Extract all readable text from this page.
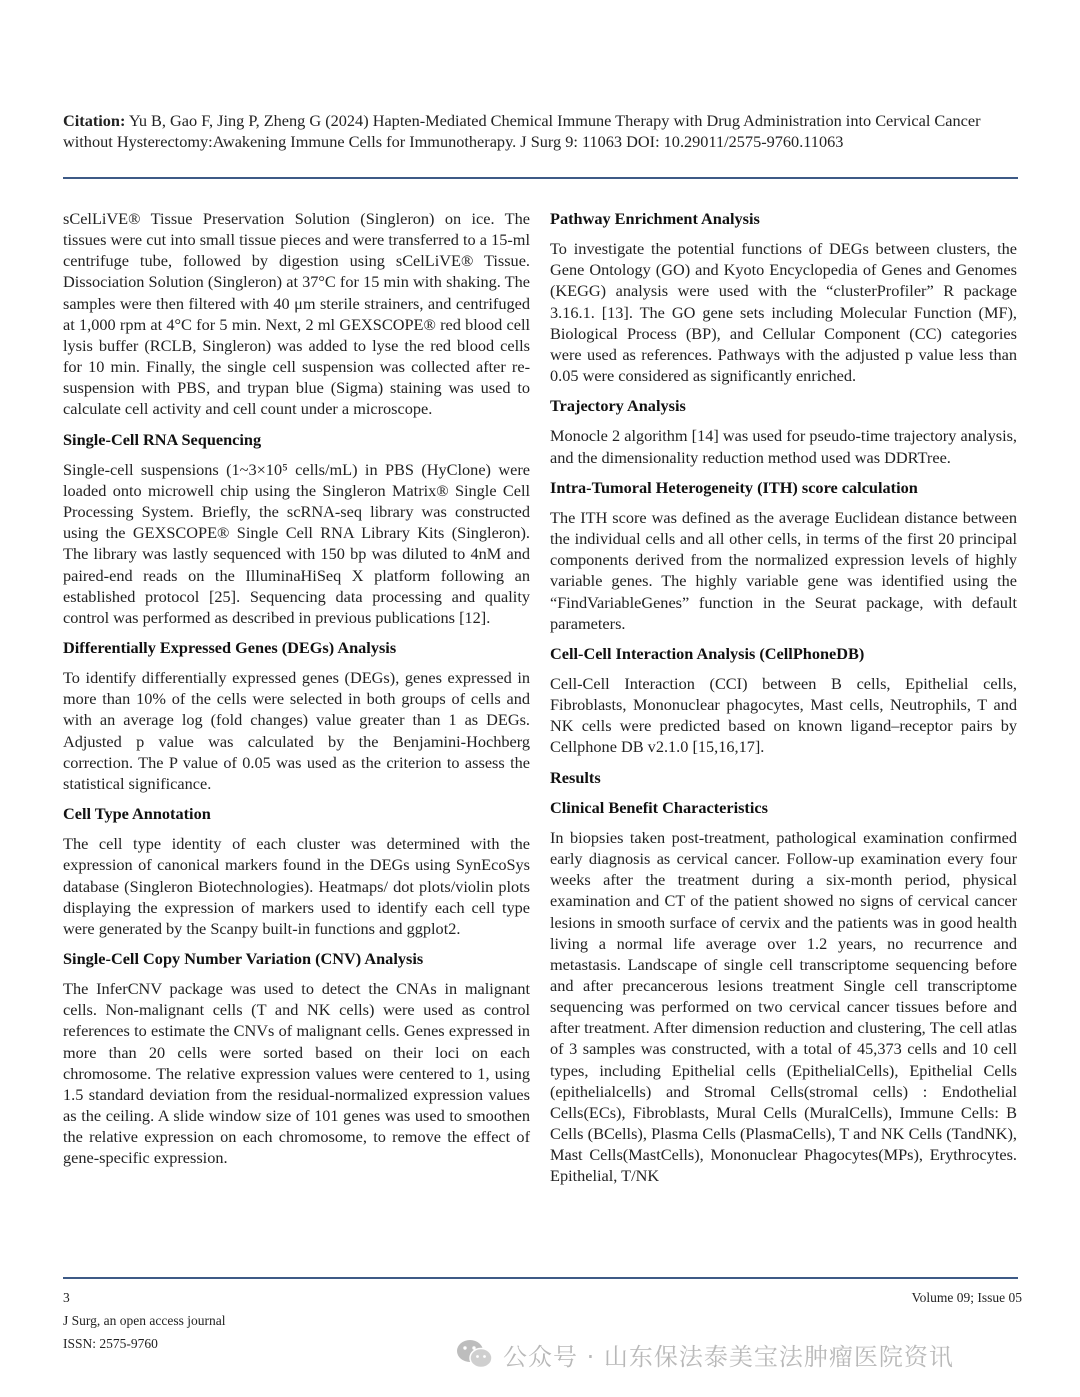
Citation: Yu B, Gao F, Jing P, Zheng G (2024) Hapten-Mediated Chemical Immune Therapy with Drug Administration into Cervical Cancer without Hysterectomy:Awakening Immune Cells for Immunotherapy. J Surg 9: 11063 DOI: 10.29011/2575-9760.11063

sCelLiVE® Tissue Preservation Solution (Singleron) on ice. The tissues were cut into small tissue pieces and were transferred to a 15-ml centrifuge tube, followed by digestion using sCelLiVE® Tissue. Dissociation Solution (Singleron) at 37°C for 15 min with shaking. The samples were then filtered with 40 μm sterile strainers, and centrifuged at 1,000 rpm at 4°C for 5 min. Next, 2 ml GEXSCOPE® red blood cell lysis buffer (RCLB, Singleron) was added to lyse the red blood cells for 10 min. Finally, the single cell suspension was collected after re-suspension with PBS, and trypan blue (Sigma) staining was used to calculate cell activity and cell count under a microscope.

Single-Cell RNA Sequencing

Single-cell suspensions (1~3×10⁵ cells/mL) in PBS (HyClone) were loaded onto microwell chip using the Singleron Matrix® Single Cell Processing System. Briefly, the scRNA-seq library was constructed using the GEXSCOPE® Single Cell RNA Library Kits (Singleron). The library was lastly sequenced with 150 bp was diluted to 4nM and paired-end reads on the IlluminaHiSeq X platform following an established protocol [25]. Sequencing data processing and quality control was performed as described in previous publications [12].

Differentially Expressed Genes (DEGs) Analysis

To identify differentially expressed genes (DEGs), genes expressed in more than 10% of the cells were selected in both groups of cells and with an average log (fold changes) value greater than 1 as DEGs. Adjusted p value was calculated by the Benjamini-Hochberg correction. The P value of 0.05 was used as the criterion to assess the statistical significance.

Cell Type Annotation

The cell type identity of each cluster was determined with the expression of canonical markers found in the DEGs using SynEcoSys database (Singleron Biotechnologies). Heatmaps/ dot plots/violin plots displaying the expression of markers used to identify each cell type were generated by the Scanpy built-in functions and ggplot2.

Single-Cell Copy Number Variation (CNV) Analysis

The InferCNV package was used to detect the CNAs in malignant cells. Non-malignant cells (T and NK cells) were used as control references to estimate the CNVs of malignant cells. Genes expressed in more than 20 cells were sorted based on their loci on each chromosome. The relative expression values were centered to 1, using 1.5 standard deviation from the residual-normalized expression values as the ceiling. A slide window size of 101 genes was used to smoothen the relative expression on each chromosome, to remove the effect of gene-specific expression.

Pathway Enrichment Analysis

To investigate the potential functions of DEGs between clusters, the Gene Ontology (GO) and Kyoto Encyclopedia of Genes and Genomes (KEGG) analysis were used with the “clusterProfiler” R package 3.16.1. [13]. The GO gene sets including Molecular Function (MF), Biological Process (BP), and Cellular Component (CC) categories were used as references. Pathways with the adjusted p value less than 0.05 were considered as significantly enriched.

Trajectory Analysis

Monocle 2 algorithm [14] was used for pseudo-time trajectory analysis, and the dimensionality reduction method used was DDRTree.

Intra-Tumoral Heterogeneity (ITH) score calculation

The ITH score was defined as the average Euclidean distance between the individual cells and all other cells, in terms of the first 20 principal components derived from the normalized expression levels of highly variable genes. The highly variable gene was identified using the “FindVariableGenes” function in the Seurat package, with default parameters.

Cell-Cell Interaction Analysis (CellPhoneDB)

Cell-Cell Interaction (CCI) between B cells, Epithelial cells, Fibroblasts, Mononuclear phagocytes, Mast cells, Neutrophils, T and NK cells were predicted based on known ligand–receptor pairs by Cellphone DB v2.1.0 [15,16,17].

Results
Clinical Benefit Characteristics

In biopsies taken post-treatment, pathological examination confirmed early diagnosis as cervical cancer. Follow-up examination every four weeks after the treatment during a six-month period, physical examination and CT of the patient showed no signs of cervical cancer lesions in smooth surface of cervix and the patients was in good health living a normal life average over 1.2 years, no recurrence and metastasis. Landscape of single cell transcriptome sequencing before and after precancerous lesions treatment Single cell transcriptome sequencing was performed on two cervical cancer tissues before and after treatment. After dimension reduction and clustering, The cell atlas of 3 samples was constructed, with a total of 45,373 cells and 10 cell types, including Epithelial cells (EpithelialCells), Epithelial Cells (epithelialcells) and Stromal Cells(stromal cells) : Endothelial Cells(ECs), Fibroblasts, Mural Cells (MuralCells), Immune Cells: B Cells (BCells), Plasma Cells (PlasmaCells), T and NK Cells (TandNK), Mast Cells(MastCells), Mononuclear Phagocytes(MPs), Erythrocytes. Epithelial, T/NK

3
J Surg, an open access journal
ISSN: 2575-9760
Volume 09; Issue 05
公众号 · 山东保法泰美宝法肿瘤医院资讯
